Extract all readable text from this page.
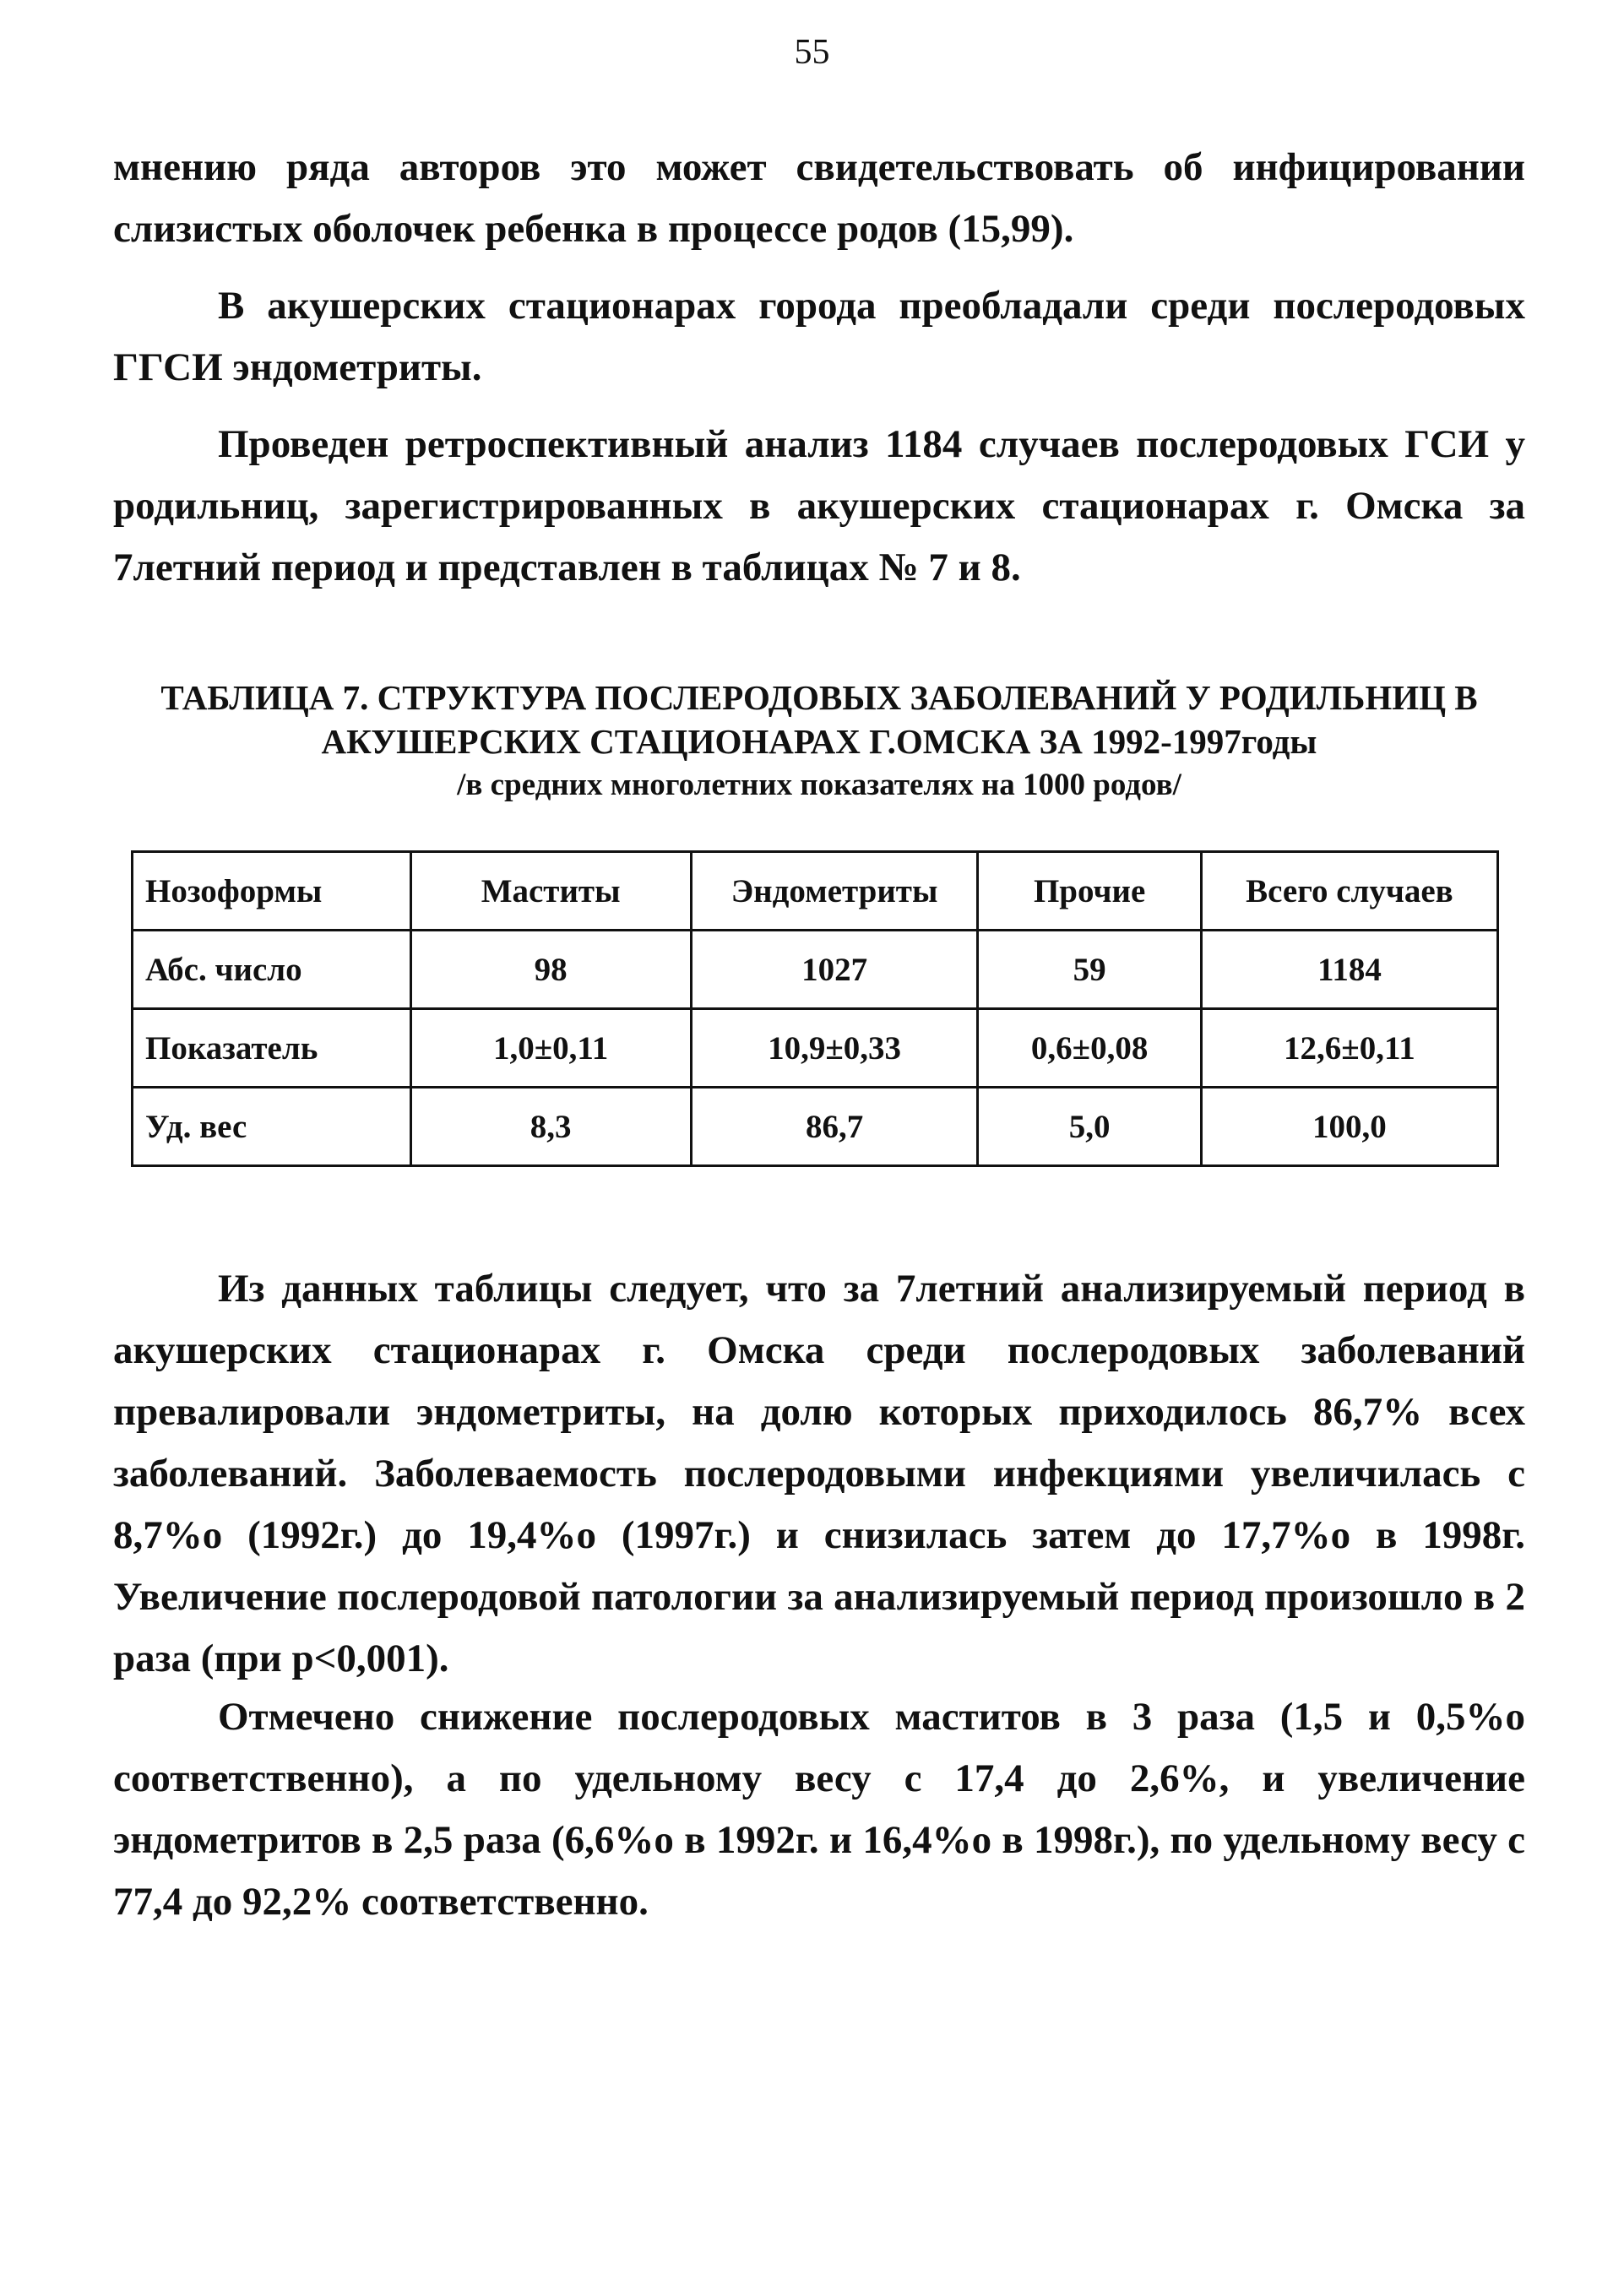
55

мнению ряда авторов это может свидетельствовать об инфицировании слизистых оболочек ребенка в процессе родов (15,99).

В акушерских стационарах города преобладали среди послеродовых ГГСИ эндометриты.

Проведен ретроспективный анализ 1184 случаев послеродовых ГСИ у родильниц, зарегистрированных в акушерских стационарах г. Омска за 7летний период и представлен в таблицах № 7 и 8.

ТАБЛИЦА 7. СТРУКТУРА ПОСЛЕРОДОВЫХ ЗАБОЛЕВАНИЙ У РОДИЛЬНИЦ В
АКУШЕРСКИХ СТАЦИОНАРАХ Г.ОМСКА ЗА 1992-1997годы
/в средних многолетних показателях на 1000 родов/
Нозоформы	Маститы	Эндометриты	Прочие	Всего случаев
Абс. число	98	1027	59	1184
Показатель	1,0±0,11	10,9±0,33	0,6±0,08	12,6±0,11
Уд. вес	8,3	86,7	5,0	100,0

Из данных таблицы следует, что за 7летний анализируемый период в акушерских стационарах г. Омска среди послеродовых заболеваний превалировали эндометриты, на долю которых приходилось 86,7% всех заболеваний. Заболеваемость послеродовыми инфекциями увеличилась с 8,7%о (1992г.) до 19,4%о (1997г.) и снизилась затем до 17,7%о в 1998г. Увеличение послеродовой патологии за анализируемый период произошло в 2 раза (при p<0,001).

Отмечено снижение послеродовых маститов в 3 раза (1,5 и 0,5%о соответственно), а по удельному весу с 17,4 до 2,6%, и увеличение эндометритов в 2,5 раза (6,6%о в 1992г. и 16,4%о в 1998г.), по удельному весу с 77,4 до 92,2% соответственно.
